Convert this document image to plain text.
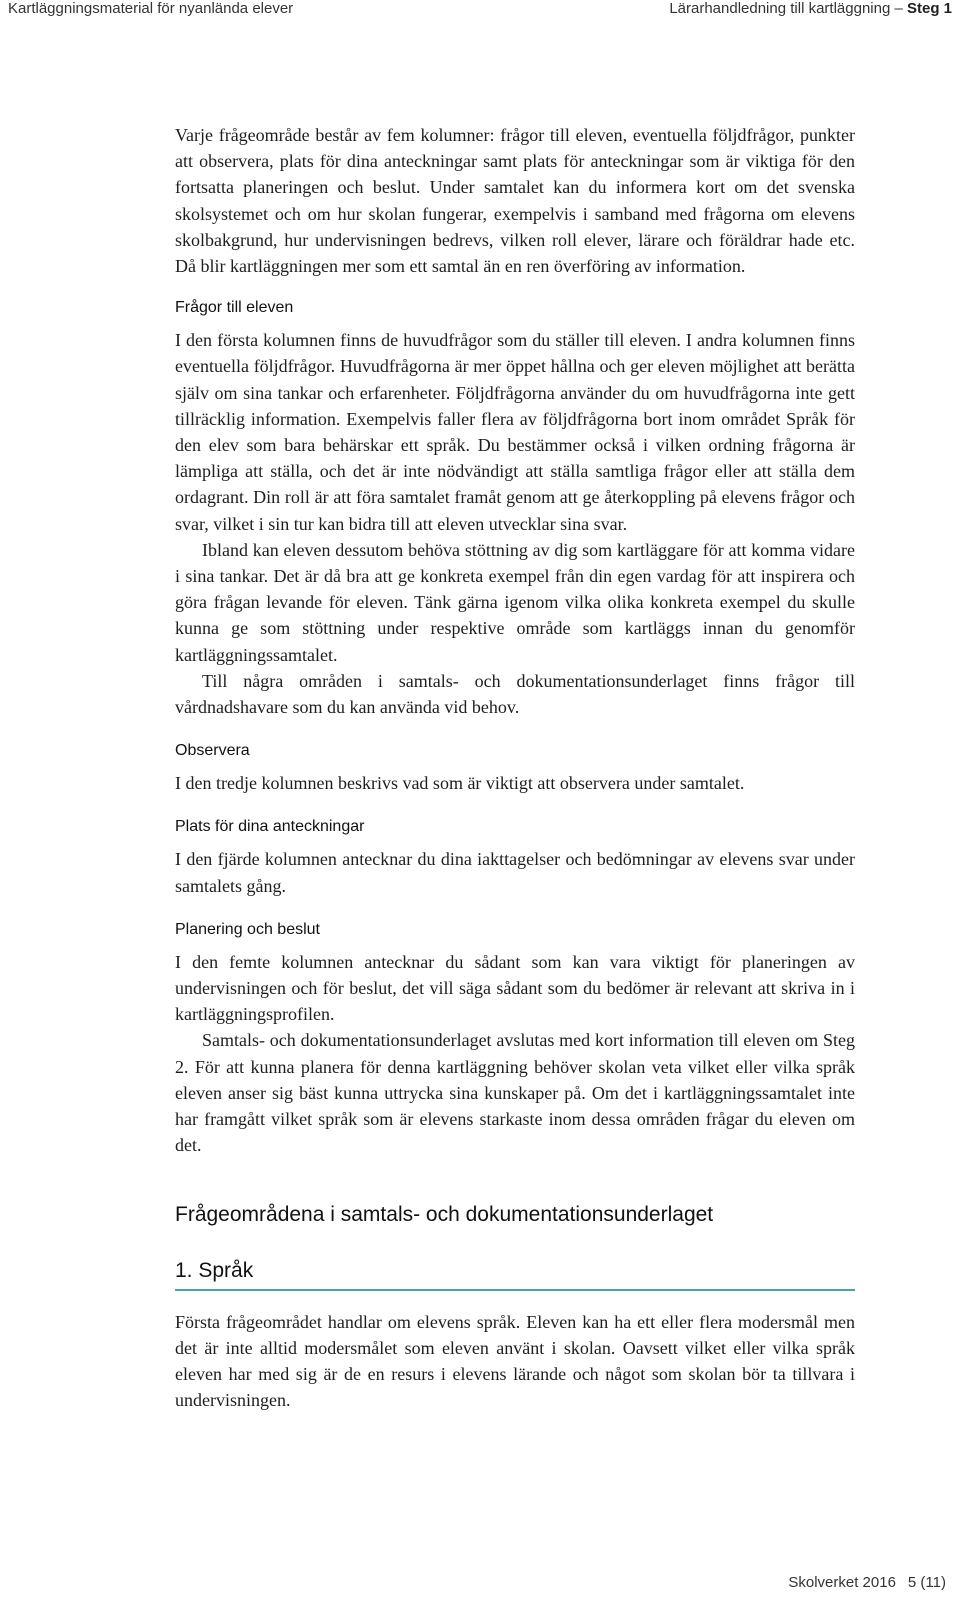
Kartläggningsmaterial för nyanlända elever	Lärarhandledning till kartläggning – Steg 1

Varje frågeområde består av fem kolumner: frågor till eleven, eventuella följdfrågor, punkter att observera, plats för dina anteckningar samt plats för anteckningar som är viktiga för den fortsatta planeringen och beslut. Under samtalet kan du informera kort om det svenska skolsystemet och om hur skolan fungerar, exempelvis i samband med frågorna om elevens skolbakgrund, hur undervisningen bedrevs, vilken roll elever, lärare och föräldrar hade etc. Då blir kartläggningen mer som ett samtal än en ren överföring av information.

Frågor till eleven

I den första kolumnen finns de huvudfrågor som du ställer till eleven. I andra kolumnen finns eventuella följdfrågor. Huvudfrågorna är mer öppet hållna och ger eleven möjlighet att berätta själv om sina tankar och erfarenheter. Följdfrågorna använder du om huvudfrågorna inte gett tillräcklig information. Exempelvis faller flera av följdfrågorna bort inom området Språk för den elev som bara behärskar ett språk. Du bestämmer också i vilken ordning frågorna är lämpliga att ställa, och det är inte nödvändigt att ställa samtliga frågor eller att ställa dem ordagrant. Din roll är att föra samtalet framåt genom att ge återkoppling på elevens frågor och svar, vilket i sin tur kan bidra till att eleven utvecklar sina svar.

Ibland kan eleven dessutom behöva stöttning av dig som kartläggare för att komma vidare i sina tankar. Det är då bra att ge konkreta exempel från din egen vardag för att inspirera och göra frågan levande för eleven. Tänk gärna igenom vilka olika konkreta exempel du skulle kunna ge som stöttning under respektive område som kartläggs innan du genomför kartläggningssamtalet.

Till några områden i samtals- och dokumentationsunderlaget finns frågor till vårdnadshavare som du kan använda vid behov.

Observera

I den tredje kolumnen beskrivs vad som är viktigt att observera under samtalet.

Plats för dina anteckningar

I den fjärde kolumnen antecknar du dina iakttagelser och bedömningar av elevens svar under samtalets gång.

Planering och beslut

I den femte kolumnen antecknar du sådant som kan vara viktigt för planeringen av undervisningen och för beslut, det vill säga sådant som du bedömer är relevant att skriva in i kartläggningsprofilen.

Samtals- och dokumentationsunderlaget avslutas med kort information till eleven om Steg 2. För att kunna planera för denna kartläggning behöver skolan veta vilket eller vilka språk eleven anser sig bäst kunna uttrycka sina kunskaper på. Om det i kartläggningssamtalet inte har framgått vilket språk som är elevens starkaste inom dessa områden frågar du eleven om det.

Frågeområdena i samtals- och dokumentationsunderlaget
1. Språk

Första frågeområdet handlar om elevens språk. Eleven kan ha ett eller flera modersmål men det är inte alltid modersmålet som eleven använt i skolan. Oavsett vilket eller vilka språk eleven har med sig är de en resurs i elevens lärande och något som skolan bör ta tillvara i undervisningen.

Skolverket 2016 5 (11)
